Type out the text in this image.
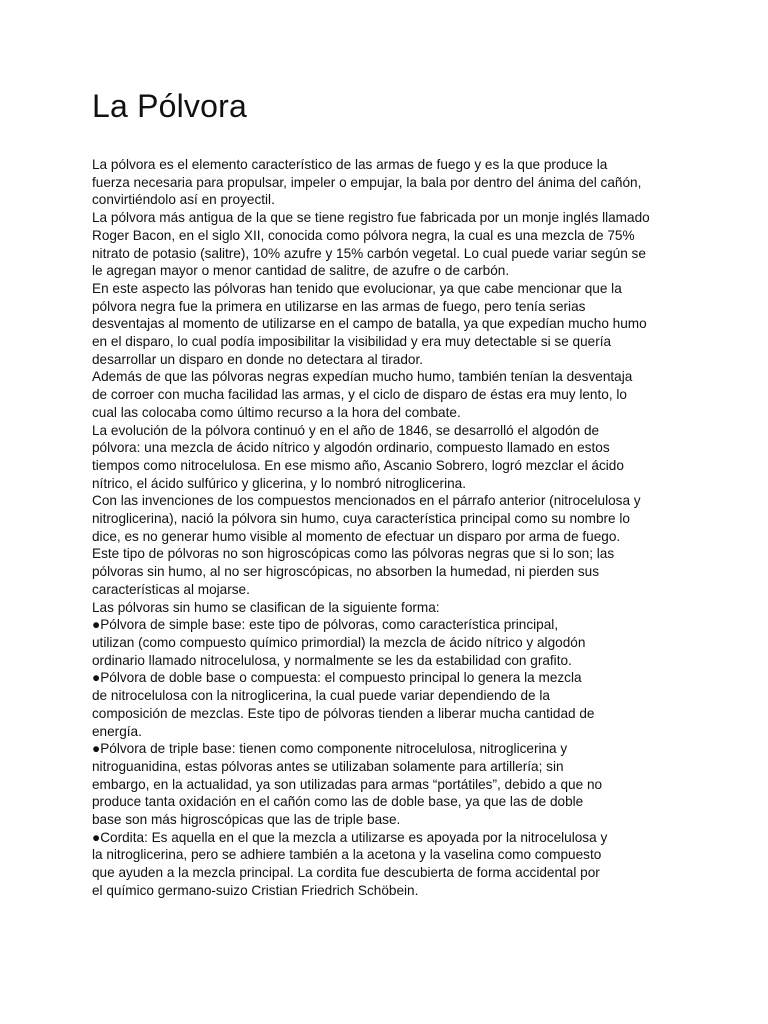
La Pólvora
La pólvora es el elemento característico de las armas de fuego y es la que produce la
fuerza necesaria para propulsar, impeler o empujar, la bala por dentro del ánima del cañón,
convirtiéndolo así en proyectil.
La pólvora más antigua de la que se tiene registro fue fabricada por un monje inglés llamado
Roger Bacon, en el siglo XII, conocida como pólvora negra, la cual es una mezcla de 75%
nitrato de potasio (salitre), 10% azufre y 15% carbón vegetal. Lo cual puede variar según se
le agregan mayor o menor cantidad de salitre, de azufre o de carbón.
En este aspecto las pólvoras han tenido que evolucionar, ya que cabe mencionar que la
pólvora negra fue la primera en utilizarse en las armas de fuego, pero tenía serias
desventajas al momento de utilizarse en el campo de batalla, ya que expedían mucho humo
en el disparo, lo cual podía imposibilitar la visibilidad y era muy detectable si se quería
desarrollar un disparo en donde no detectara al tirador.
Además de que las pólvoras negras expedían mucho humo, también tenían la desventaja
de corroer con mucha facilidad las armas, y el ciclo de disparo de éstas era muy lento, lo
cual las colocaba como último recurso a la hora del combate.
La evolución de la pólvora continuó y en el año de 1846, se desarrolló el algodón de
pólvora: una mezcla de ácido nítrico y algodón ordinario, compuesto llamado en estos
tiempos como nitrocelulosa. En ese mismo año, Ascanio Sobrero, logró mezclar el ácido
nítrico, el ácido sulfúrico y glicerina, y lo nombró nitroglicerina.
Con las invenciones de los compuestos mencionados en el párrafo anterior (nitrocelulosa y
nitroglicerina), nació la pólvora sin humo, cuya característica principal como su nombre lo
dice, es no generar humo visible al momento de efectuar un disparo por arma de fuego.
Este tipo de pólvoras no son higroscópicas como las pólvoras negras que si lo son; las
pólvoras sin humo, al no ser higroscópicas, no absorben la humedad, ni pierden sus
características al mojarse.
Las pólvoras sin humo se clasifican de la siguiente forma:
●Pólvora de simple base: este tipo de pólvoras, como característica principal,
utilizan (como compuesto químico primordial) la mezcla de ácido nítrico y algodón
ordinario llamado nitrocelulosa, y normalmente se les da estabilidad con grafito.
●Pólvora de doble base o compuesta: el compuesto principal lo genera la mezcla
de nitrocelulosa con la nitroglicerina, la cual puede variar dependiendo de la
composición de mezclas. Este tipo de pólvoras tienden a liberar mucha cantidad de
energía.
●Pólvora de triple base: tienen como componente nitrocelulosa, nitroglicerina y
nitroguanidina, estas pólvoras antes se utilizaban solamente para artillería; sin
embargo, en la actualidad, ya son utilizadas para armas “portátiles”, debido a que no
produce tanta oxidación en el cañón como las de doble base, ya que las de doble
base son más higroscópicas que las de triple base.
●Cordita: Es aquella en el que la mezcla a utilizarse es apoyada por la nitrocelulosa y
la nitroglicerina, pero se adhiere también a la acetona y la vaselina como compuesto
que ayuden a la mezcla principal. La cordita fue descubierta de forma accidental por
el químico germano-suizo Cristian Friedrich Schöbein.
